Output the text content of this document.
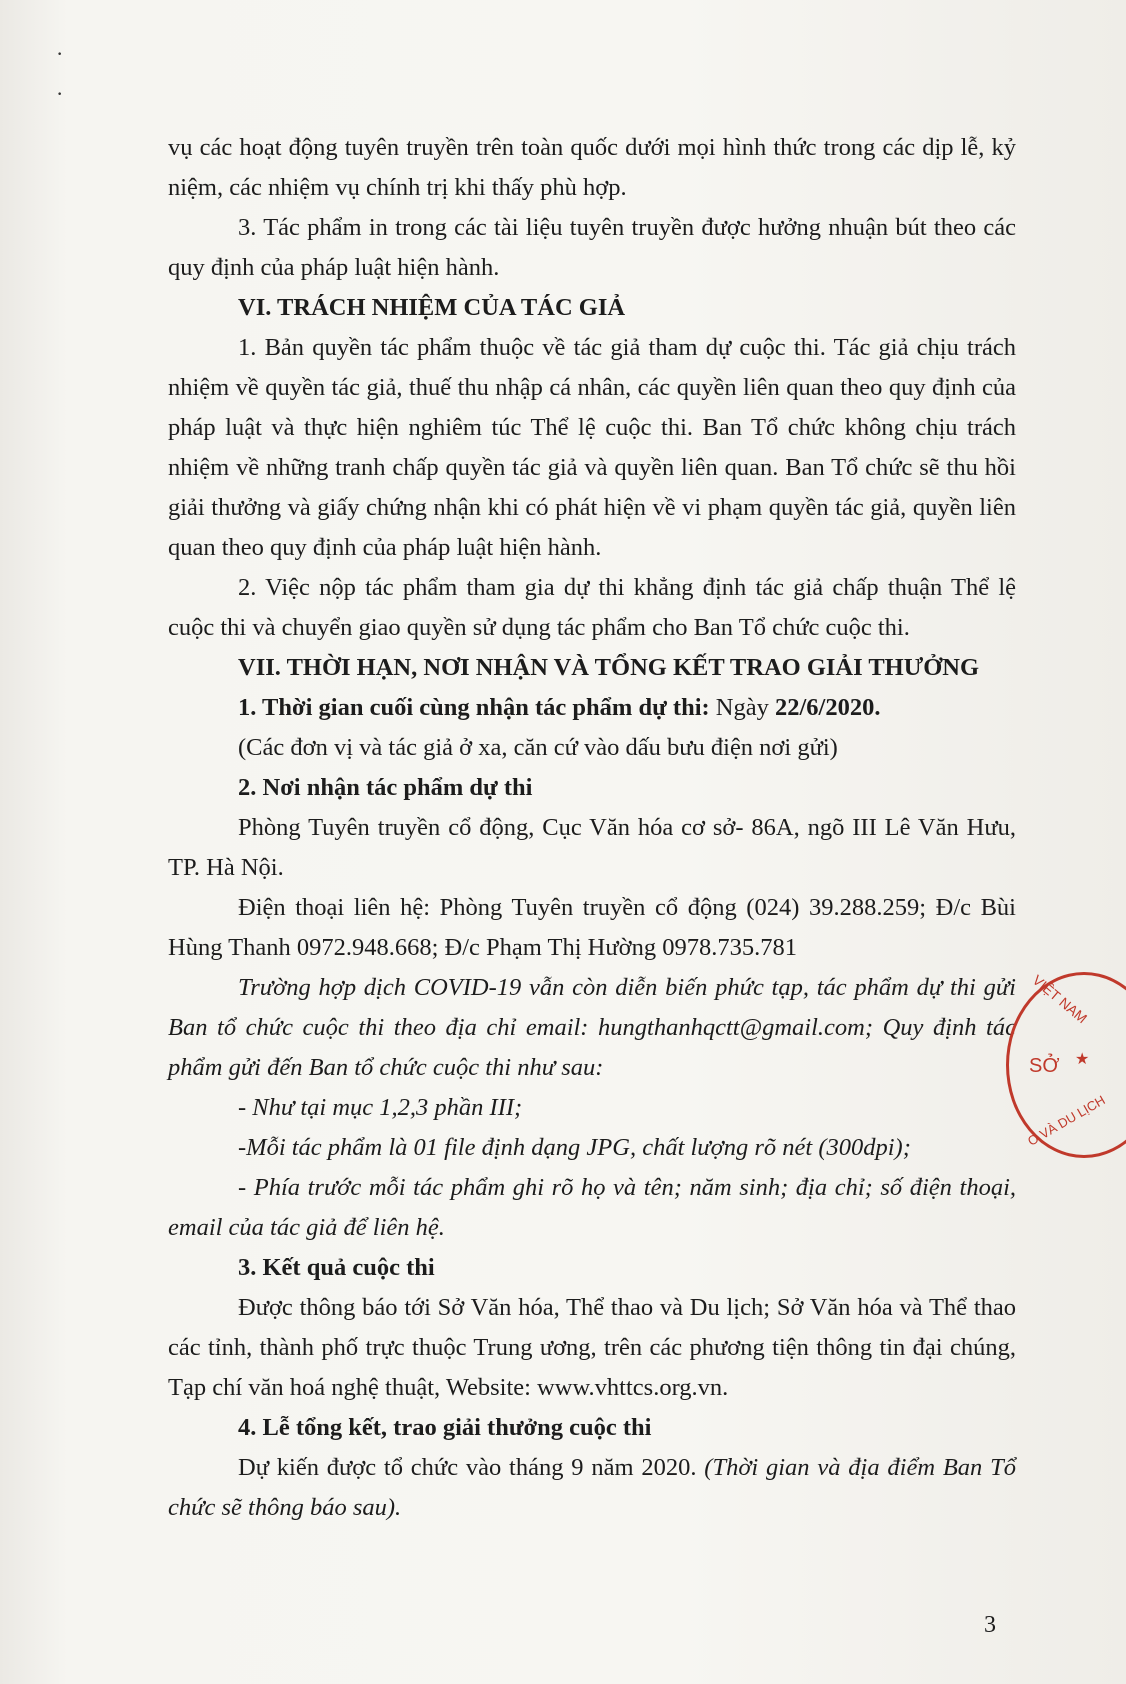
·
·

vụ các hoạt động tuyên truyền trên toàn quốc dưới mọi hình thức trong các dịp lễ, kỷ niệm, các nhiệm vụ chính trị khi thấy phù hợp.

3. Tác phẩm in trong các tài liệu tuyên truyền được hưởng nhuận bút theo các quy định của pháp luật hiện hành.

VI. TRÁCH NHIỆM CỦA TÁC GIẢ

1. Bản quyền tác phẩm thuộc về tác giả tham dự cuộc thi. Tác giả chịu trách nhiệm về quyền tác giả, thuế thu nhập cá nhân, các quyền liên quan theo quy định của pháp luật và thực hiện nghiêm túc Thể lệ cuộc thi. Ban Tổ chức không chịu trách nhiệm về những tranh chấp quyền tác giả và quyền liên quan. Ban Tổ chức sẽ thu hồi giải thưởng và giấy chứng nhận khi có phát hiện về vi phạm quyền tác giả, quyền liên quan theo quy định của pháp luật hiện hành.

2. Việc nộp tác phẩm tham gia dự thi khẳng định tác giả chấp thuận Thể lệ cuộc thi và chuyển giao quyền sử dụng tác phẩm cho Ban Tổ chức cuộc thi.

VII. THỜI HẠN, NƠI NHẬN VÀ TỔNG KẾT TRAO GIẢI THƯỞNG

1. Thời gian cuối cùng nhận tác phẩm dự thi: Ngày 22/6/2020.

(Các đơn vị và tác giả ở xa, căn cứ vào dấu bưu điện nơi gửi)

2. Nơi nhận tác phẩm dự thi

Phòng Tuyên truyền cổ động, Cục Văn hóa cơ sở- 86A, ngõ III Lê Văn Hưu, TP. Hà Nội.

Điện thoại liên hệ: Phòng Tuyên truyền cổ động (024) 39.288.259; Đ/c Bùi Hùng Thanh 0972.948.668; Đ/c Phạm Thị Hường 0978.735.781

Trường hợp dịch COVID-19 vẫn còn diễn biến phức tạp, tác phẩm dự thi gửi Ban tổ chức cuộc thi theo địa chỉ email: hungthanhqctt@gmail.com; Quy định tác phẩm gửi đến Ban tổ chức cuộc thi như sau:

- Như tại mục 1,2,3 phần III;

-Mỗi tác phẩm là 01 file định dạng JPG, chất lượng rõ nét (300dpi);

- Phía trước mỗi tác phẩm ghi rõ họ và tên; năm sinh; địa chỉ; số điện thoại, email của tác giả để liên hệ.

3. Kết quả cuộc thi

Được thông báo tới Sở Văn hóa, Thể thao và Du lịch; Sở Văn hóa và Thể thao các tỉnh, thành phố trực thuộc Trung ương, trên các phương tiện thông tin đại chúng, Tạp chí văn hoá nghệ thuật, Website: www.vhttcs.org.vn.

4. Lễ tổng kết, trao giải thưởng cuộc thi

Dự kiến được tổ chức vào tháng 9 năm 2020. (Thời gian và địa điểm Ban Tổ chức sẽ thông báo sau).

3
VIỆT NAM
SỞ ★
O VÀ DU LỊCH
